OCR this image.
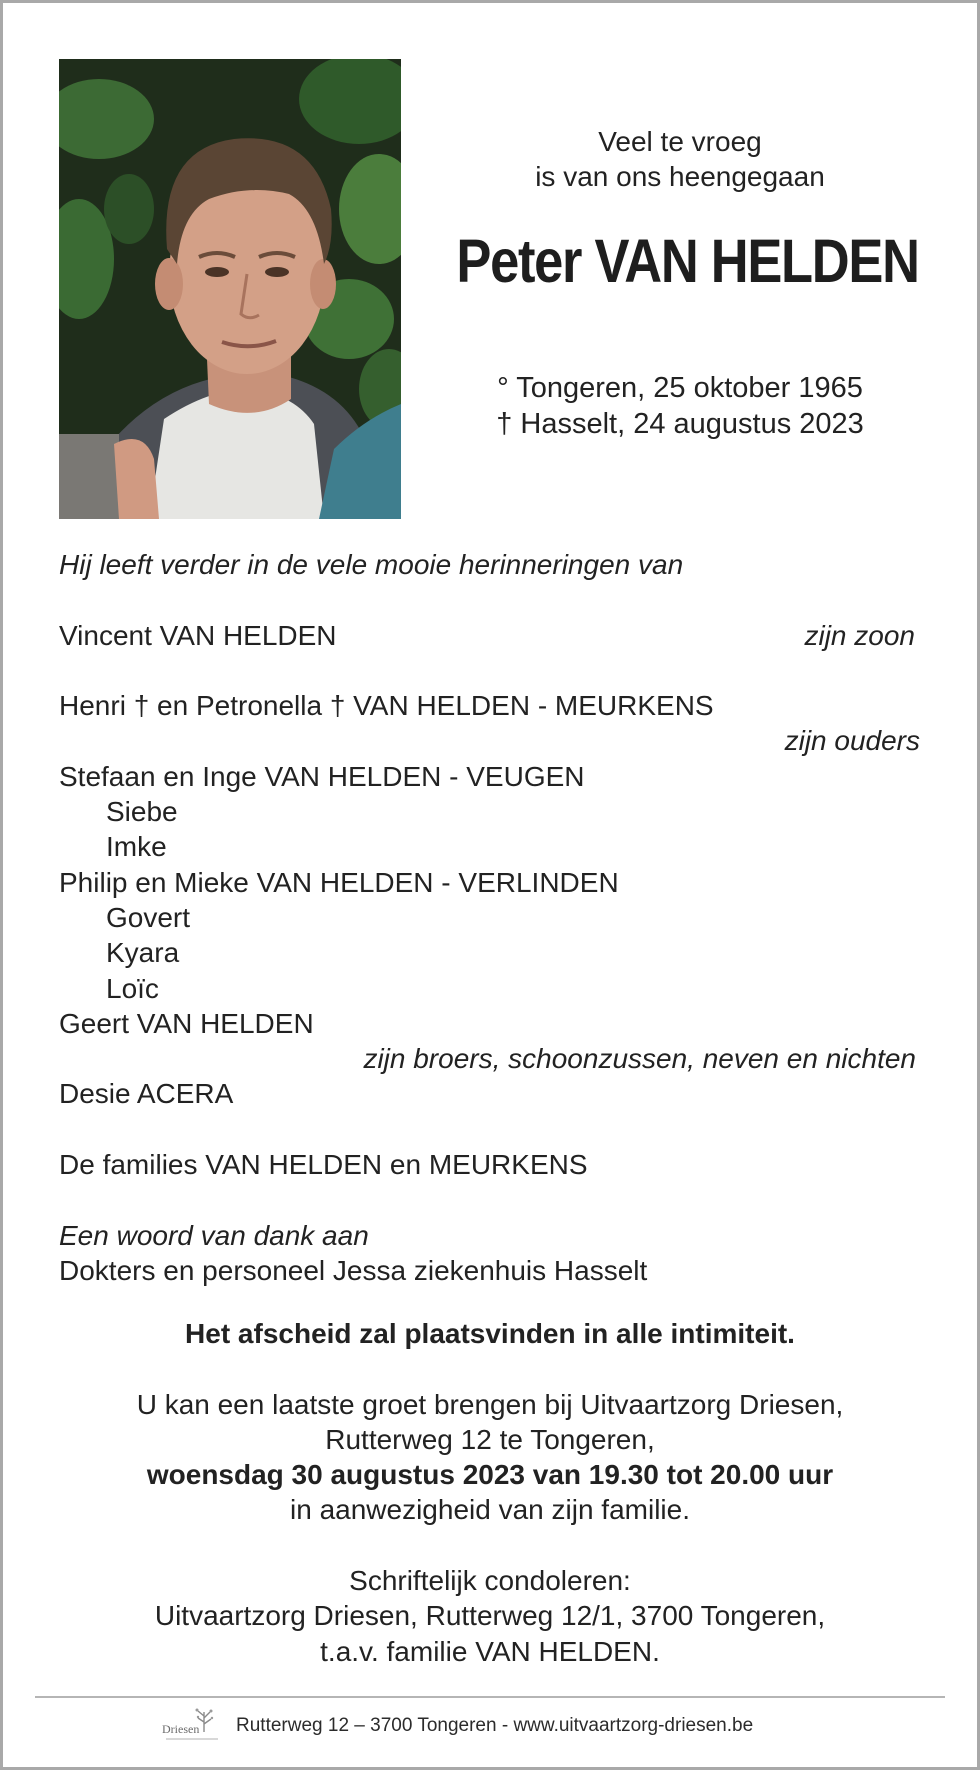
Veel te vroeg
is van ons heengegaan
Peter VAN HELDEN
° Tongeren, 25 oktober 1965
† Hasselt, 24 augustus 2023
Hij leeft verder in de vele mooie herinneringen van
Vincent VAN HELDEN	zijn zoon
Henri † en Petronella † VAN HELDEN - MEURKENS
zijn ouders
Stefaan en Inge VAN HELDEN - VEUGEN
Siebe
Imke
Philip en Mieke VAN HELDEN - VERLINDEN
Govert
Kyara
Loïc
Geert VAN HELDEN
zijn broers, schoonzussen, neven en nichten
Desie ACERA
De families VAN HELDEN en MEURKENS
Een woord van dank aan
Dokters en personeel Jessa ziekenhuis Hasselt
Het afscheid zal plaatsvinden in alle intimiteit.
U kan een laatste groet brengen bij Uitvaartzorg Driesen,
Rutterweg 12 te Tongeren,
woensdag 30 augustus 2023 van 19.30 tot 20.00 uur
in aanwezigheid van zijn familie.
Schriftelijk condoleren:
Uitvaartzorg Driesen, Rutterweg 12/1, 3700 Tongeren,
t.a.v. familie VAN HELDEN.
Driesen Rutterweg 12 – 3700 Tongeren - www.uitvaartzorg-driesen.be
